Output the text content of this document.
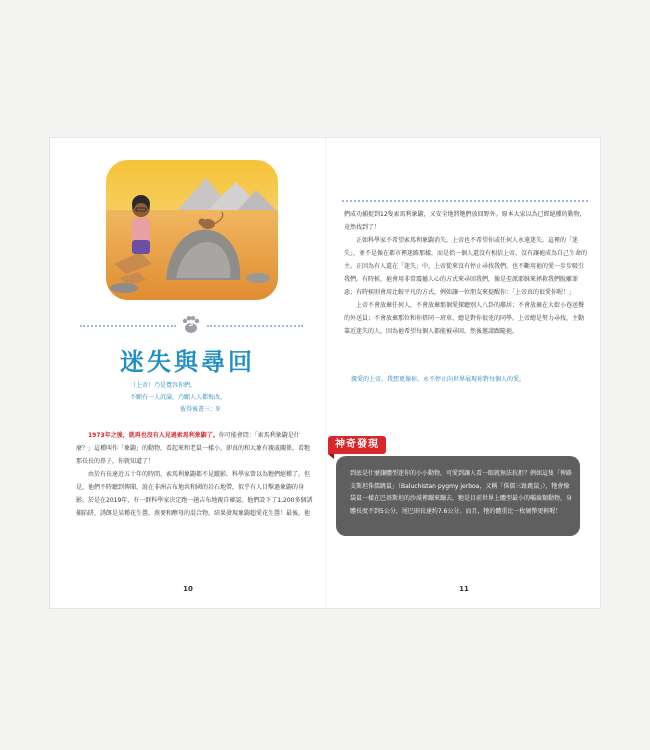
3
迷失與尋回
（上帝）乃是寬容你們，
不願有一人沉淪，乃願人人都悔改。
彼得後書三：9

1973年之後，就再也沒有人見過索馬利象鼩了。你可能會問：「索馬利象鼩是什麼？」這種叫作「象鼩」的動物，看起來和老鼠一樣小，卻真的和大象有親戚關係，看牠那長長的鼻子，你就知道了！

由於有長達近五十年的時間，索馬利象鼩都不見蹤影，科學家曾以為牠們絕種了。但是，他們不時聽到傳聞，說在非洲吉布地共和國的岩石地帶，似乎有人目擊過象鼩的身影。於是在2019年，有一群科學家決定跑一趟吉布地親自確認。他們設下了1,200多個誘捕陷阱，誘餌是某種花生醬、燕麥和酵母的混合物。結果發現象鼩超愛花生醬！最後，他

10

們成功捕捉到12隻索馬利象鼩，又安全地將牠們放回野外。原本大家以為已經絕種的動物，竟然找到了！

正如科學家不希望索馬利象鼩消失，上帝也不希望你或任何人永遠迷失。這裡的「迷失」，並不是像在都市裡迷路那樣，而是指一個人還沒有相信上帝、沒有讓祂成為自己生命的主。正因為有人還在「迷失」中，上帝從來沒有停止尋找我們，也不斷用祂的愛一步步吸引我們。有時候，祂會用非常震撼人心的方式來尋回我們，像是差派耶穌來拯救我們脫離罪惡；有時候則會用比較平凡的方式，例如讓一位朋友來提醒你：「上帝真的很愛你喔！」

上帝不會放棄任何人，不會放棄那個愛探聽別人八卦的鄰居；不會放棄在大街小巷送餐的外送員；不會放棄那位和你搭同一班車、總是對你很兇的同學。上帝總是努力尋找、主動靠近迷失的人，因為祂希望每個人都能被尋回，然後邀請跟隨祂。

親愛的上帝，我想更像祢，永不停止向世界展現祢對每個人的愛。
到底是什麼讓體型迷你的小小動物，可愛到讓人看一眼就無法抗拒？例如這隻「俾路支斯坦侏儒跳鼠」（Baluchistan pygmy jerboa，又稱「侏儒三趾跳鼠」），牠會像袋鼠一樣在巴基斯坦的沙漠裡蹦來蹦去，牠是目前世界上體型最小的囓齒類動物，身體長度不到5公分，尾巴則長達約7.6公分。而且，牠的體重比一枚硬幣更輕喔！
神奇發現
11
